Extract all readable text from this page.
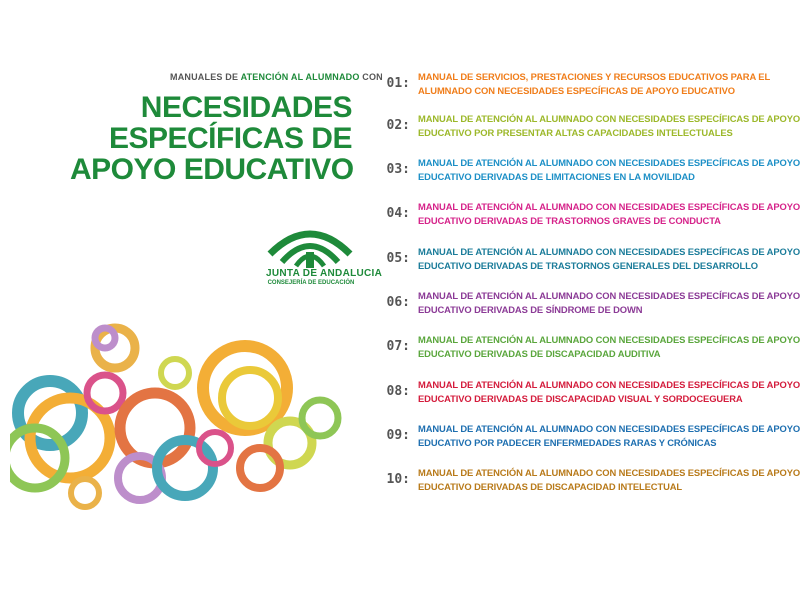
MANUALES DE ATENCIÓN AL ALUMNADO CON
NECESIDADES
ESPECÍFICAS DE
APOYO EDUCATIVO
JUNTA DE ANDALUCIA
CONSEJERÍA DE EDUCACIÓN
01: MANUAL DE SERVICIOS, PRESTACIONES Y RECURSOS EDUCATIVOS PARA EL
ALUMNADO CON NECESIDADES ESPECÍFICAS DE APOYO EDUCATIVO
02: MANUAL DE ATENCIÓN AL ALUMNADO CON NECESIDADES ESPECÍFICAS DE APOYO
EDUCATIVO POR PRESENTAR ALTAS CAPACIDADES INTELECTUALES
03: MANUAL DE ATENCIÓN AL ALUMNADO CON NECESIDADES ESPECÍFICAS DE APOYO
EDUCATIVO DERIVADAS DE LIMITACIONES EN LA MOVILIDAD
04: MANUAL DE ATENCIÓN AL ALUMNADO CON NECESIDADES ESPECÍFICAS DE APOYO
EDUCATIVO DERIVADAS DE TRASTORNOS GRAVES DE CONDUCTA
05: MANUAL DE ATENCIÓN AL ALUMNADO CON NECESIDADES ESPECÍFICAS DE APOYO
EDUCATIVO DERIVADAS DE TRASTORNOS GENERALES DEL DESARROLLO
06: MANUAL DE ATENCIÓN AL ALUMNADO CON NECESIDADES ESPECÍFICAS DE APOYO
EDUCATIVO DERIVADAS DE SÍNDROME DE DOWN
07: MANUAL DE ATENCIÓN AL ALUMNADO CON NECESIDADES ESPECÍFICAS DE APOYO
EDUCATIVO DERIVADAS DE DISCAPACIDAD AUDITIVA
08: MANUAL DE ATENCIÓN AL ALUMNADO CON NECESIDADES ESPECÍFICAS DE APOYO
EDUCATIVO DERIVADAS DE DISCAPACIDAD VISUAL Y SORDOCEGUERA
09: MANUAL DE ATENCIÓN AL ALUMNADO CON NECESIDADES ESPECÍFICAS DE APOYO
EDUCATIVO POR PADECER ENFERMEDADES RARAS Y CRÓNICAS
10: MANUAL DE ATENCIÓN AL ALUMNADO CON NECESIDADES ESPECÍFICAS DE APOYO
EDUCATIVO DERIVADAS DE DISCAPACIDAD INTELECTUAL
